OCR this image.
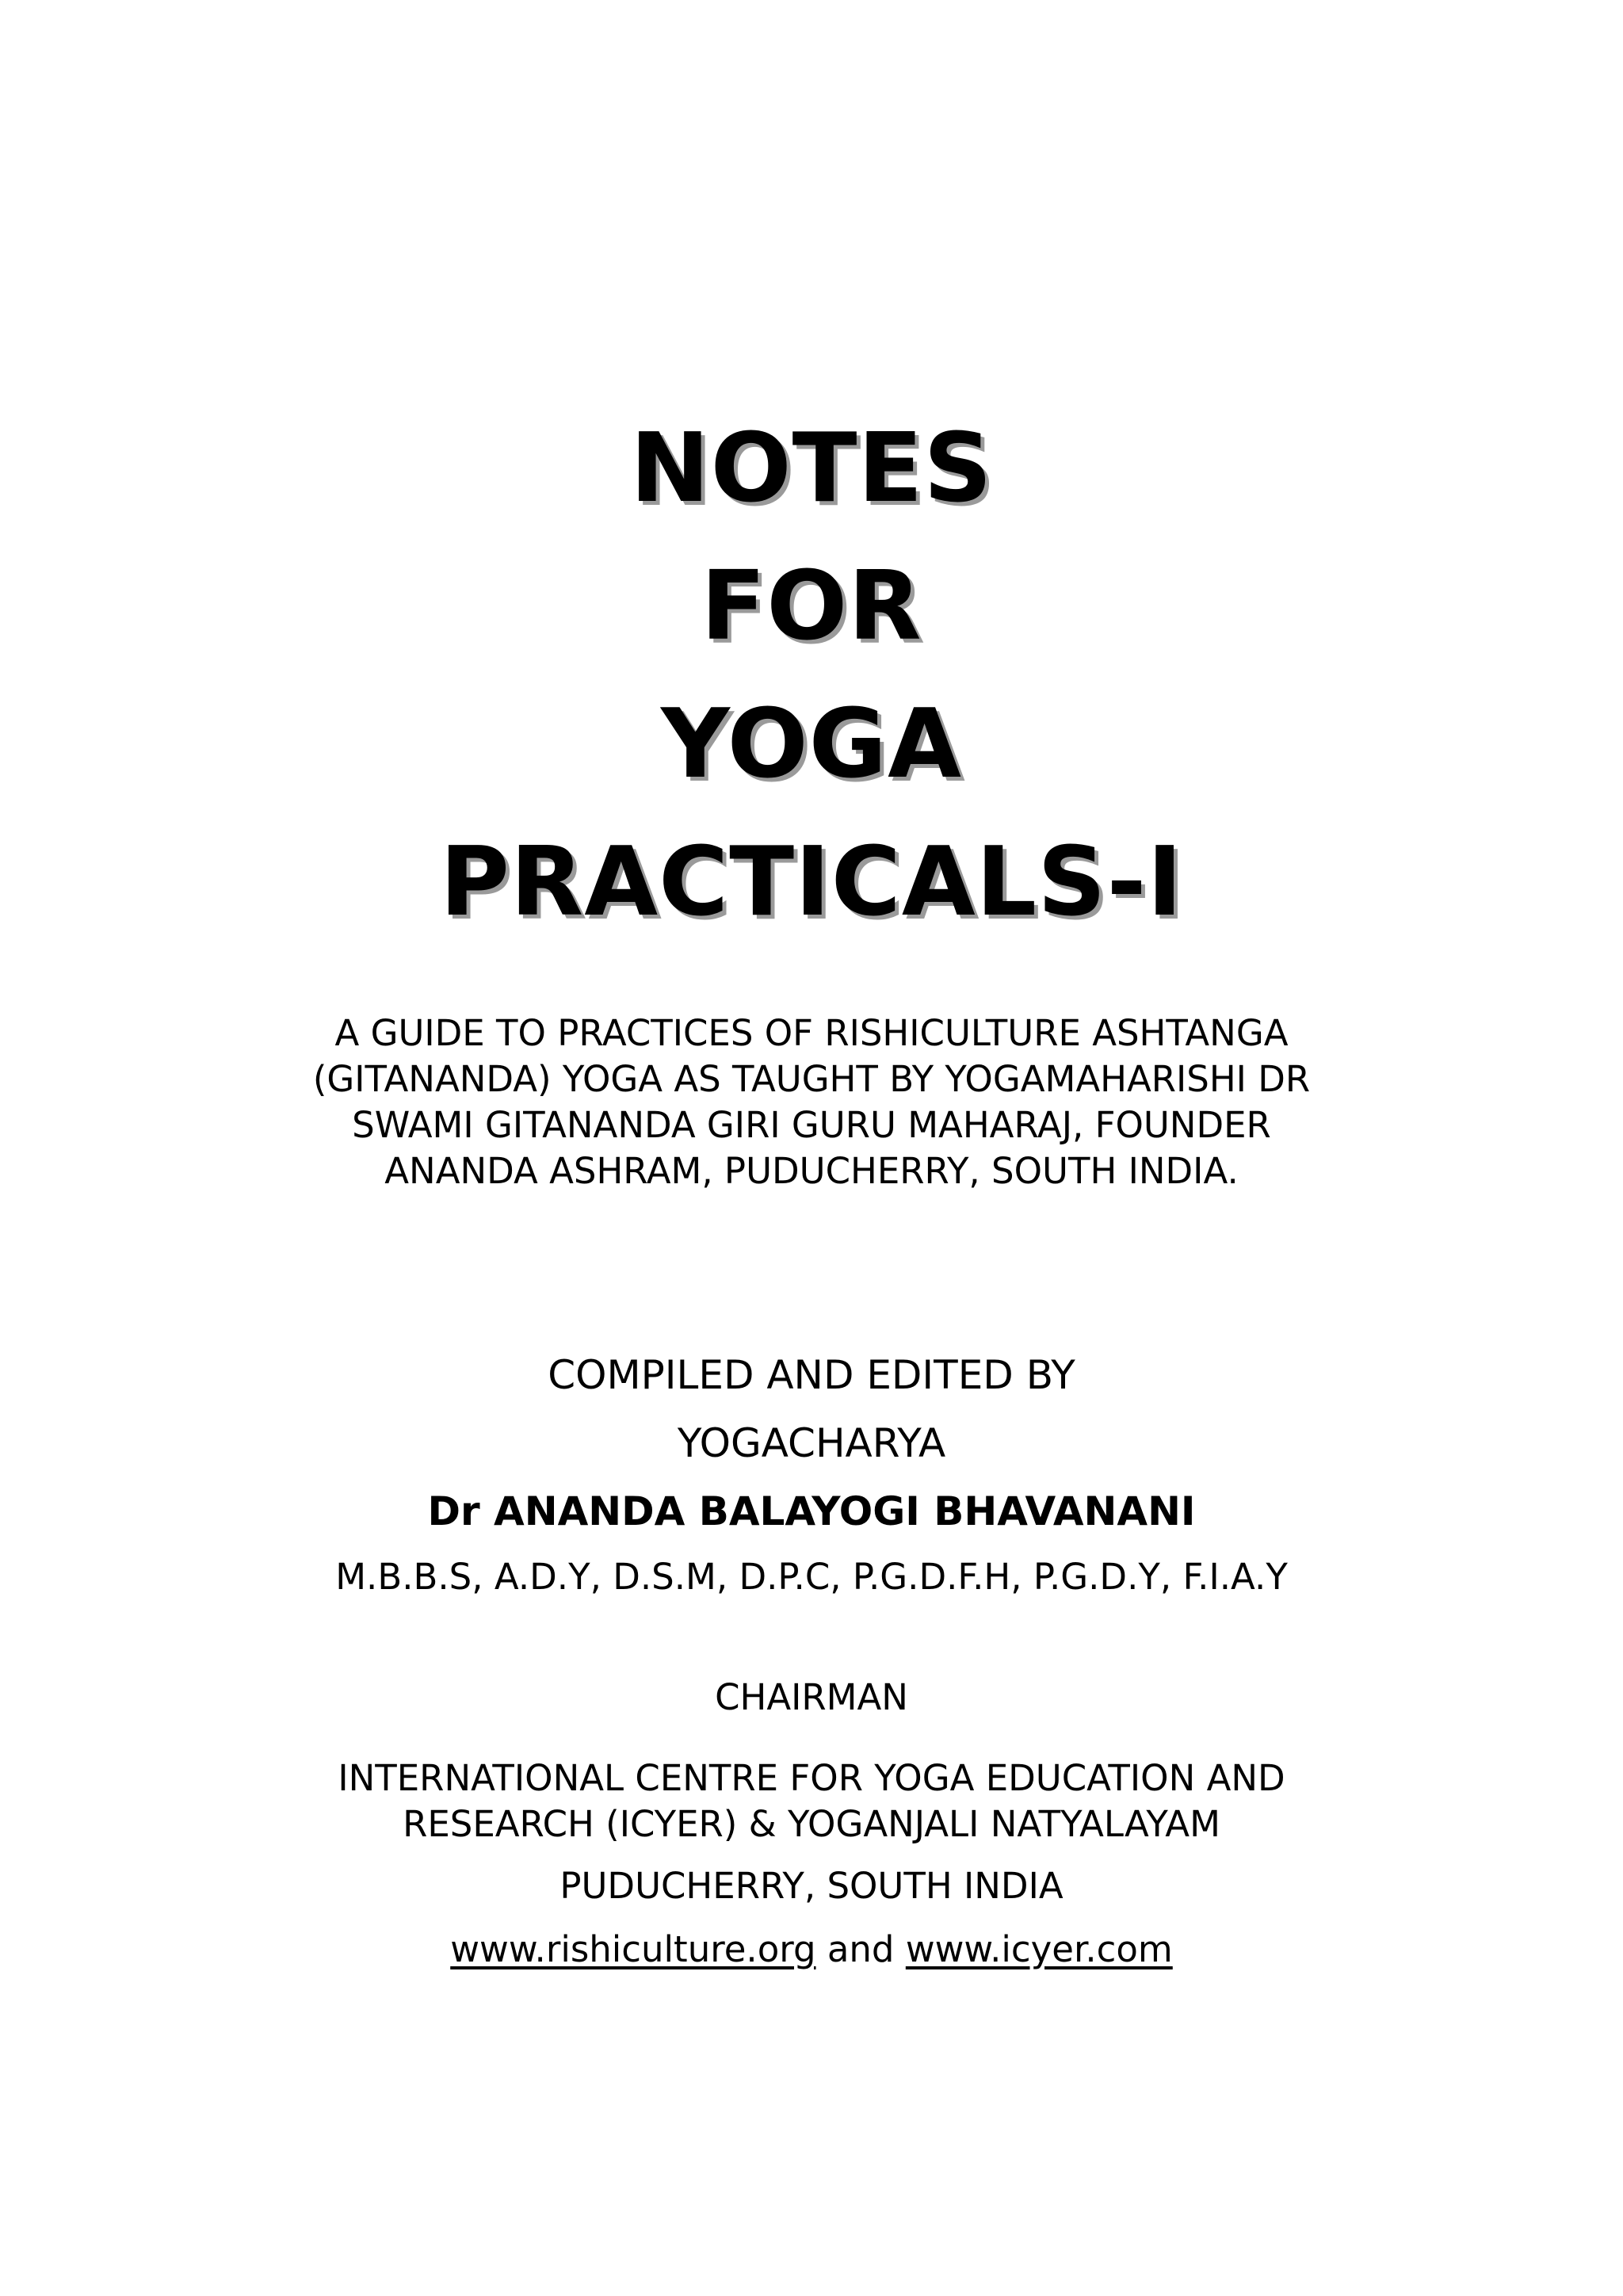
NOTES
FOR
YOGA
PRACTICALS-I
A GUIDE TO PRACTICES OF RISHICULTURE ASHTANGA
(GITANANDA) YOGA AS TAUGHT BY YOGAMAHARISHI DR
SWAMI GITANANDA GIRI GURU MAHARAJ, FOUNDER
ANANDA ASHRAM, PUDUCHERRY, SOUTH INDIA.
COMPILED AND EDITED BY
YOGACHARYA
Dr ANANDA BALAYOGI BHAVANANI
M.B.B.S, A.D.Y, D.S.M, D.P.C, P.G.D.F.H, P.G.D.Y, F.I.A.Y
CHAIRMAN
INTERNATIONAL CENTRE FOR YOGA EDUCATION AND
RESEARCH (ICYER) & YOGANJALI NATYALAYAM
PUDUCHERRY, SOUTH INDIA
www.rishiculture.org and www.icyer.com
